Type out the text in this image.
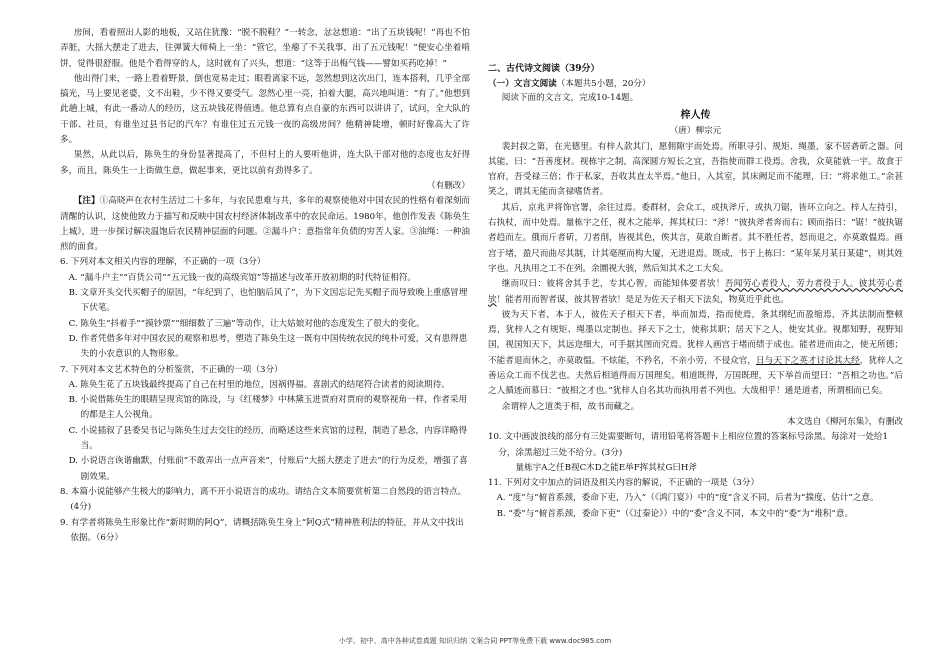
房间，看着照出人影的地板，又站住犹豫：“脱不脱鞋？”一转念，忿忿想道：“出了五块钱呢！”再也不怕弄脏，大摇大摆走了进去，往弹簧大师椅上一坐：“管它，坐瘪了不关我事，出了五元钱呢！”便安心坐着啃饼，觉得很舒服。他是个看得穿的人，这时就有了兴头，想道：“这等于出梅气钱——譬如买药吃掉！”

他出得门来，一路上看着野景，倒也宽易走过；眼看离家不远，忽然想到这次出门，连本搭利，几乎全部搞光，马上要见老婆，文不出鞋，少不得又要受气。忽然心里一亮，拍着大腿，高兴地叫道：“有了。”他想到此趟上城，有此一番动人的经历，这五块钱花得值透。他总算有点自豪的东西可以讲讲了，试问，全大队的干部、社员，有谁坐过县书记的汽车？有谁住过五元钱一夜的高级房间？他精神陡增，顿时好像高大了许多。

果然，从此以后，陈奂生的身份显著提高了，不但村上的人要听他讲，连大队干部对他的态度也友好得多，而且，陈奂生一上街做生意，做起事来，更比以前有劲得多了。

（有删改）

【注】①高晓声在农村生活过二十多年，与农民患难与共，多年的观察使他对中国农民的性格有着深刻而清醒的认识，这使他致力于描写和反映中国农村经济体制改革中的农民命运。1980年，他创作发表《陈奂生上城》，进一步探讨解决温饱后农民精神层面的问题。②漏斗户：意指常年负债的穷苦人家。③油绳：一种油煎的面食。

6. 下列对本文相关内容的理解，不正确的一项（3分）

A. “漏斗户主”“百货公司”“五元钱一夜的高级宾馆”等描述与改革开放初期的时代特征相符。

B. 文章开头交代买帽子的原因，“年纪到了，也怕脑后风了”，为下文因忘记先买帽子而导致晚上重感冒埋下伏笔。

C. 陈奂生“抖着手”“摸钞票”“细细数了三遍”等动作，让大姑娘对他的态度发生了很大的变化。

D. 作者凭借多年对中国农民的观察和思考，塑造了陈奂生这一既有中国传统农民的纯朴可爱，又有患得患失的小农意识的人物形象。

7. 下列对本文艺术特色的分析鉴赏，不正确的一项（3分）

A. 陈奂生花了五块钱最终提高了自己在村里的地位，因祸得福。喜剧式的结尾符合读者的阅读期待。

B. 小说借陈奂生的眼睛呈现宾馆的陈设，与《红楼梦》中林黛玉进贾府对贾府的观察视角一样，作者采用的都是主人公视角。

C. 小说插叙了县委吴书记与陈奂生过去交往的经历，而略述这些来宾馆的过程，制造了悬念，内容详略得当。

D. 小说语言诙谐幽默，付账前“不敢弄出一点声音来”，付账后“大摇大摆走了进去”的行为反差，增强了喜剧效果。

8. 本篇小说能够产生极大的影响力，离不开小说语言的成功。请结合文本简要赏析第二自然段的语言特点。(4分)

9. 有学者将陈奂生形象比作“新时期的阿Q”，请概括陈奂生身上“阿Q式”精神胜利法的特征，并从文中找出依据。（6分）

二、古代诗文阅读（39分）

（一）文言文阅读（本题共5小题，20分）

阅读下面的文言文，完成10-14题。

梓人传

（唐）柳宗元

裴封叔之第，在光德里。有梓人款其门，愿佣隙宇而处焉。所职寻引、规矩、绳墨，家不居砻斫之器。问其能，曰：“吾善度材。视栋宇之制，高深圆方短长之宜，吾指使而群工役焉。舍我，众莫能就一宇。故食于官府，吾受禄三倍；作于私家，吾收其直太半焉。”他日，入其室，其床阙足而不能理，曰：“将求他工。”余甚笑之，谓其无能而贪禄嗜货者。

其后，京兆尹将饰官署，余往过焉。委群材，会众工，或执斧斤，或执刀锯，皆环立向之。梓人左持引，右执杖，而中处焉。量栋宇之任，视木之能举，挥其杖曰：“斧！”彼执斧者奔而右；顾而指曰：“锯！”彼执锯者趋而左。俄而斤者斫，刀者削，皆视其色，俟其言，莫敢自断者。其不胜任者，怒而退之，亦莫敢愠焉。画宫于堵，盈尺而曲尽其制，计其毫厘而构大厦，无进退焉。既成，书于上栋曰：“某年某月某日某建”，则其姓字也。凡执用之工不在列。余圜视大骇，然后知其术之工大矣。

继而叹曰：彼将舍其手艺，专其心智，而能知体要者欤！吾闻劳心者役人，劳力者役于人。彼其劳心者欤！能者用而智者谋，彼其智者欤！是足为佐天子相天下法矣，物莫近乎此也。

彼为天下者，本于人，彼佐天子相天下者，举而加焉，指而使焉，条其纲纪而盈缩焉，齐其法制而整顿焉，犹梓人之有规矩、绳墨以定制也。择天下之士，使称其职；居天下之人，使安其业。视都知野，视野知国，视国知天下，其远迩细大，可手据其图而究焉。犹梓人画宫于堵而绩于成也。能者进而由之，使无所德；不能者退而休之，亦莫敢愠。不炫能，不矜名，不亲小劳，不侵众官，日与天下之英才讨论其大经，犹梓人之善运众工而不伐艺也。夫然后相道得而万国理矣。相道既得，万国既理，天下举首而望曰：“吾相之功也。”后之人循迹而慕曰：“彼相之才也。”犹梓人自名其功而执用者不列也。大哉相乎！通是道者，所谓相而已矣。

余谓梓人之道类于相，故书而藏之。

本文选自《柳河东集》，有删改

10. 文中画波浪线的部分有三处需要断句，请用铅笔将答题卡上相应位置的答案标号涂黑。每涂对一处给1分，涂黑超过三处不给分。(3分)

量栋宇A之任B视C木D之能E举F挥其杖G曰H斧

11. 下列对文中加点的词语及相关内容的解说，不正确的一项是（3分）

A. “度”与“俯首系颈，委命下吏，乃入”（《鸿门宴》）中的“度”含义不同，后者为“揣度、估计”之意。

B. “委”与“俯首系颈，委命下吏”（《过秦论》）中的“委”含义不同，本文中的“委”为“堆积”意。

小学、初中、高中各种试卷真题 知识归纳 文案合同 PPT等免费下载 www.doc985.com
